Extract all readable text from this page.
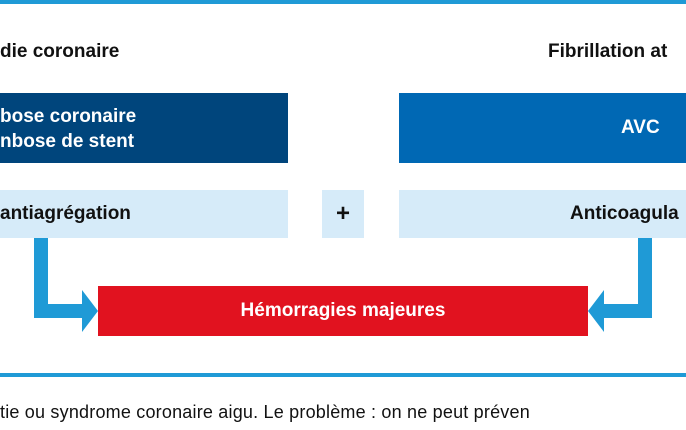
die coronaire	Fibrillation at
bose coronaire
nbose de stent
AVC
antiagrégation	+	Anticoagula
Hémorragies majeures
tie ou syndrome coronaire aigu. Le problème : on ne peut préven
